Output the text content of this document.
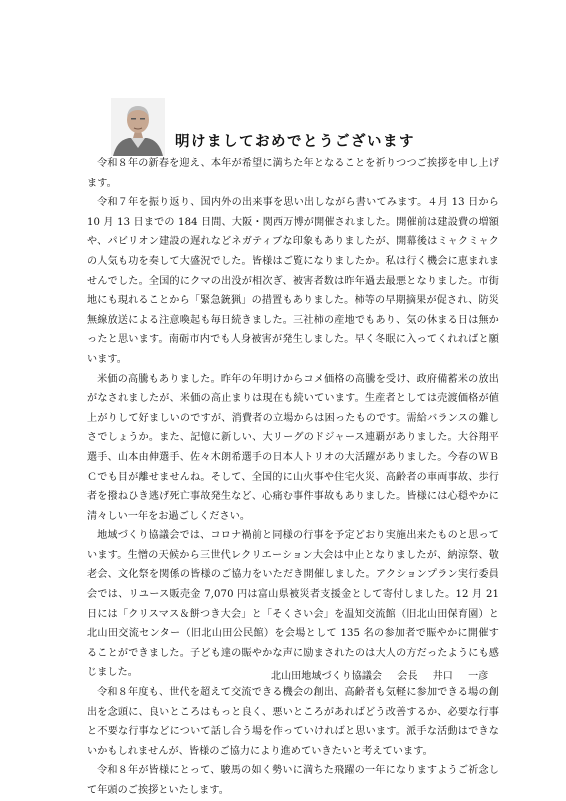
明けましておめでとうございます

令和８年の新春を迎え、本年が希望に満ちた年となることを祈りつつご挨拶を申し上げます。

令和７年を振り返り、国内外の出来事を思い出しながら書いてみます。４月 13 日から 10 月 13 日までの 184 日間、大阪・関西万博が開催されました。開催前は建設費の増額や、パビリオン建設の遅れなどネガティブな印象もありましたが、開幕後はミャクミャクの人気も功を奏して大盛況でした。皆様はご覧になりましたか。私は行く機会に恵まれませんでした。全国的にクマの出没が相次ぎ、被害者数は昨年過去最悪となりました。市街地にも現れることから「緊急銃猟」の措置もありました。柿等の早期摘果が促され、防災無線放送による注意喚起も毎日続きました。三社柿の産地でもあり、気の休まる日は無かったと思います。南砺市内でも人身被害が発生しました。早く冬眠に入ってくれればと願います。

米価の高騰もありました。昨年の年明けからコメ価格の高騰を受け、政府備蓄米の放出がなされましたが、米価の高止まりは現在も続いています。生産者としては売渡価格が値上がりして好ましいのですが、消費者の立場からは困ったものです。需給バランスの難しさでしょうか。また、記憶に新しい、大リーグのドジャース連覇がありました。大谷翔平選手、山本由伸選手、佐々木朗希選手の日本人トリオの大活躍がありました。今春のＷＢＣでも目が離せませんね。そして、全国的に山火事や住宅火災、高齢者の車両事故、歩行者を撥ねひき逃げ死亡事故発生など、心痛む事件事故もありました。皆様には心穏やかに清々しい一年をお過ごしください。

地域づくり協議会では、コロナ禍前と同様の行事を予定どおり実施出来たものと思っています。生憎の天候から三世代レクリエーション大会は中止となりましたが、納涼祭、敬老会、文化祭を関係の皆様のご協力をいただき開催しました。アクションプラン実行委員会では、リユース販売金 7,070 円は富山県被災者支援金として寄付しました。12 月 21 日には「クリスマス＆餅つき大会」と「そくさい会」を温知交流館（旧北山田保育園）と北山田交流センター（旧北山田公民館）を会場として 135 名の参加者で賑やかに開催することができました。子ども達の賑やかな声に励まされたのは大人の方だったようにも感じました。

令和８年度も、世代を超えて交流できる機会の創出、高齢者も気軽に参加できる場の創出を念頭に、良いところはもっと良く、悪いところがあればどう改善するか、必要な行事と不要な行事などについて話し合う場を作っていければと思います。派手な活動はできないかもしれませんが、皆様のご協力により進めていきたいと考えています。

令和８年が皆様にとって、駿馬の如く勢いに満ちた飛躍の一年になりますようご祈念して年頭のご挨拶といたします。

北山田地域づくり協議会 会長 井口 一彦
